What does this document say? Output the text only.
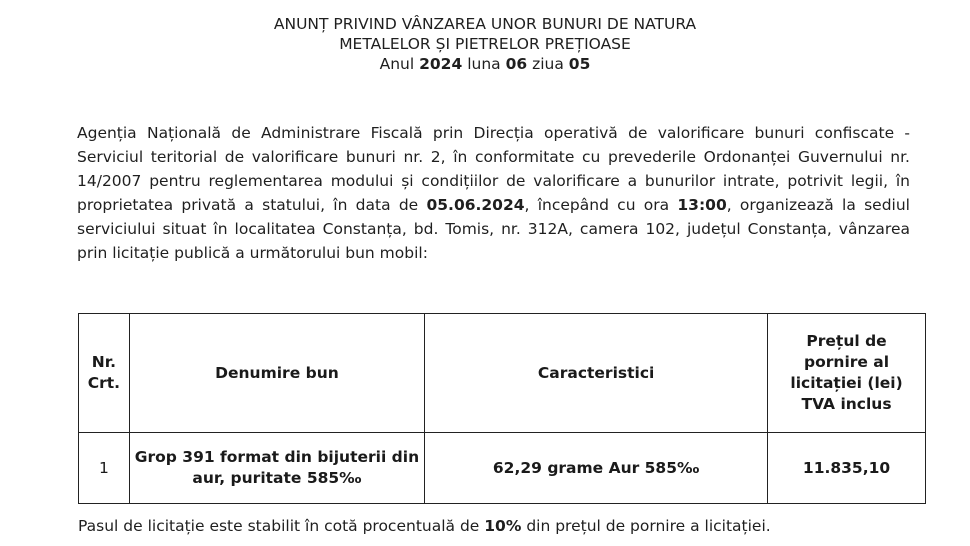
ANUNȚ PRIVIND VÂNZAREA UNOR BUNURI DE NATURA
METALELOR ȘI PIETRELOR PREȚIOASE
Anul 2024 luna 06 ziua 05
Agenția Națională de Administrare Fiscală prin Direcția operativă de valorificare bunuri confiscate - Serviciul teritorial de valorificare bunuri nr. 2, în conformitate cu prevederile Ordonanței Guvernului nr. 14/2007 pentru reglementarea modului și condițiilor de valorificare a bunurilor intrate, potrivit legii, în proprietatea privată a statului, în data de 05.06.2024, începând cu ora 13:00, organizează la sediul serviciului situat în localitatea Constanța, bd. Tomis, nr. 312A, camera 102, județul Constanța, vânzarea prin licitație publică a următorului bun mobil:
Nr. Crt.	Denumire bun	Caracteristici	Prețul de pornire al licitației (lei) TVA inclus
1	Grop 391 format din bijuterii din aur, puritate 585‰	62,29 grame Aur 585‰	11.835,10
Pasul de licitație este stabilit în cotă procentuală de 10% din prețul de pornire a licitației.
